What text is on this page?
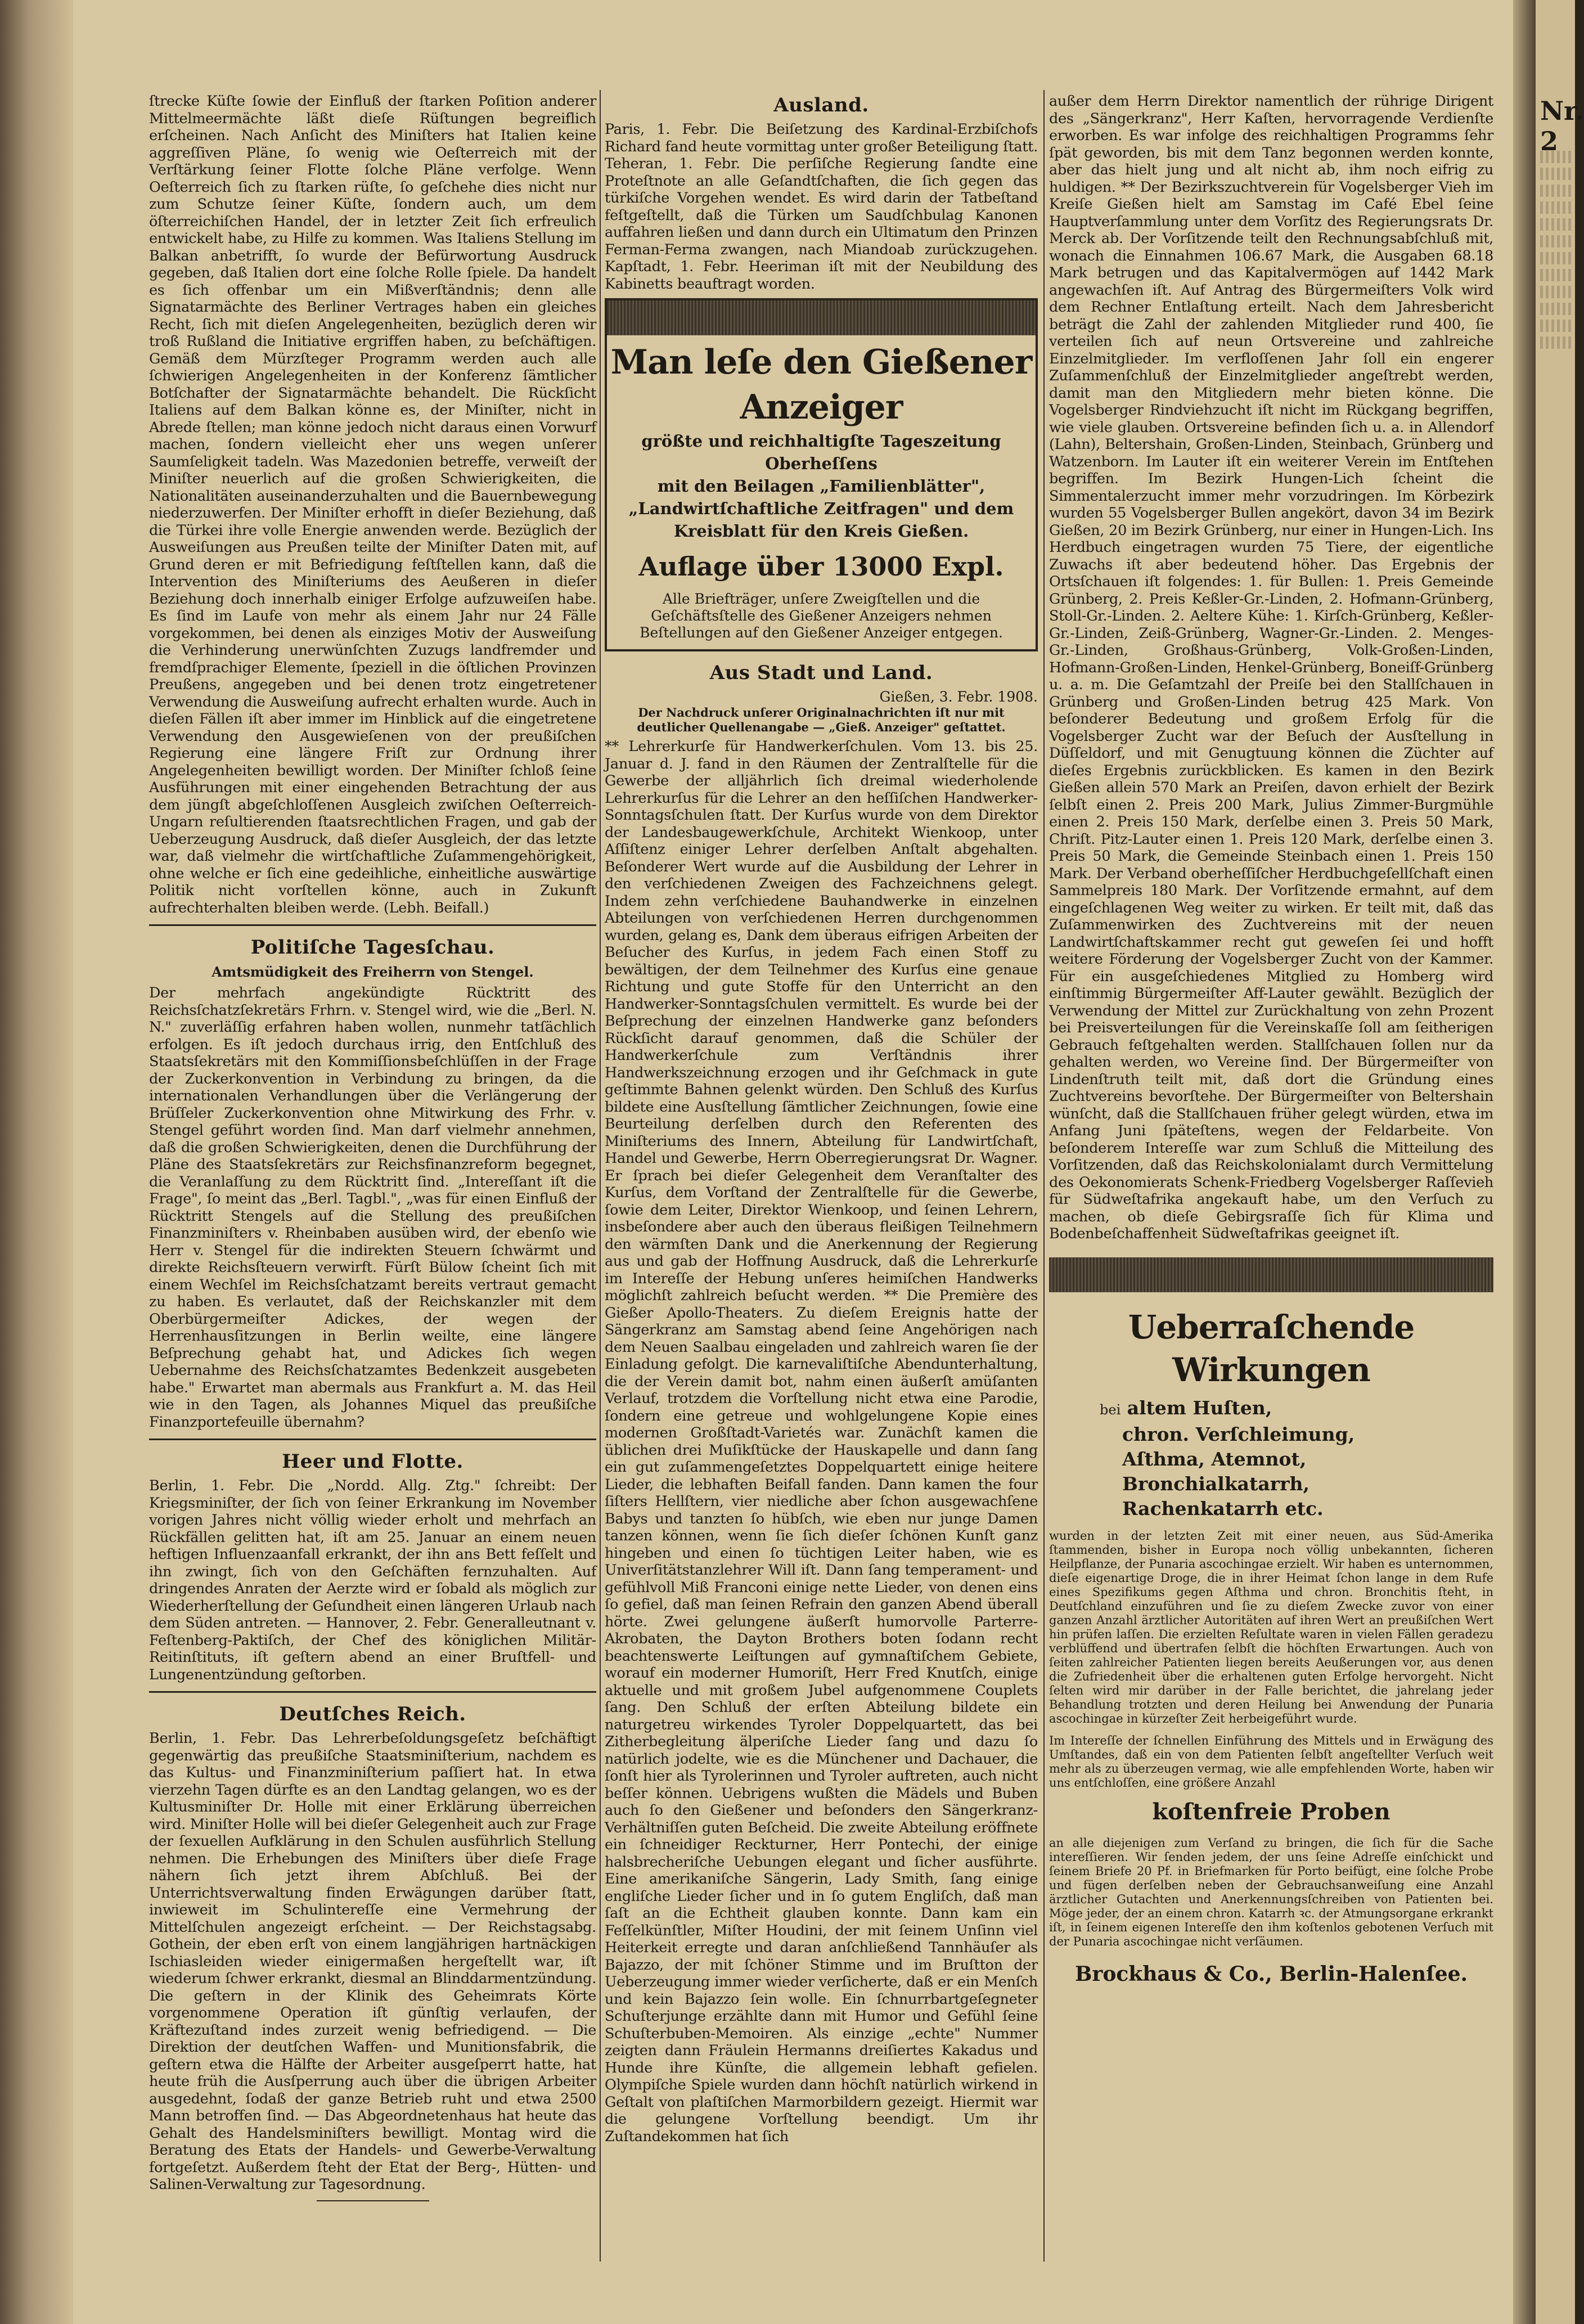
ſtrecke Küſte ſowie der Einfluß der ſtarken Poſition anderer Mittelmeermächte läßt dieſe Rüſtungen begreiflich erſcheinen. Nach Anſicht des Miniſters hat Italien keine aggreſſiven Pläne, ſo wenig wie Oeſterreich mit der Verſtärkung ſeiner Flotte ſolche Pläne verfolge. Wenn Oeſterreich ſich zu ſtarken rüſte, ſo geſchehe dies nicht nur zum Schutze ſeiner Küſte, ſondern auch, um dem öſterreichiſchen Handel, der in letzter Zeit ſich erfreulich entwickelt habe, zu Hilfe zu kommen. Was Italiens Stellung im Balkan anbetrifft, ſo wurde der Befürwortung Ausdruck gegeben, daß Italien dort eine ſolche Rolle ſpiele. Da handelt es ſich offenbar um ein Mißverſtändnis; denn alle Signatarmächte des Berliner Vertrages haben ein gleiches Recht, ſich mit dieſen Angelegenheiten, bezüglich deren wir troß Rußland die Initiative ergriffen haben, zu beſchäftigen. Gemäß dem Mürzſteger Programm werden auch alle ſchwierigen Angelegenheiten in der Konferenz ſämtlicher Botſchafter der Signatarmächte behandelt. Die Rückſicht Italiens auf dem Balkan könne es, der Miniſter, nicht in Abrede ſtellen; man könne jedoch nicht daraus einen Vorwurf machen, ſondern vielleicht eher uns wegen unſerer Saumſeligkeit tadeln. Was Mazedonien betreffe, verweiſt der Miniſter neuerlich auf die großen Schwierigkeiten, die Nationalitäten auseinanderzuhalten und die Bauernbewegung niederzuwerfen. Der Miniſter erhofft in dieſer Beziehung, daß die Türkei ihre volle Energie anwenden werde. Bezüglich der Ausweiſungen aus Preußen teilte der Miniſter Daten mit, auf Grund deren er mit Befriedigung feſtſtellen kann, daß die Intervention des Miniſteriums des Aeußeren in dieſer Beziehung doch innerhalb einiger Erfolge aufzuweiſen habe. Es ſind im Laufe von mehr als einem Jahr nur 24 Fälle vorgekommen, bei denen als einziges Motiv der Ausweiſung die Verhinderung unerwünſchten Zuzugs landfremder und fremdſprachiger Elemente, ſpeziell in die öſtlichen Provinzen Preußens, angegeben und bei denen trotz eingetretener Verwendung die Ausweiſung aufrecht erhalten wurde. Auch in dieſen Fällen iſt aber immer im Hinblick auf die eingetretene Verwendung den Ausgewieſenen von der preußiſchen Regierung eine längere Friſt zur Ordnung ihrer Angelegenheiten bewilligt worden. Der Miniſter ſchloß ſeine Ausführungen mit einer eingehenden Betrachtung der aus dem jüngſt abgeſchloſſenen Ausgleich zwiſchen Oeſterreich-Ungarn reſultierenden ſtaatsrechtlichen Fragen, und gab der Ueberzeugung Ausdruck, daß dieſer Ausgleich, der das letzte war, daß vielmehr die wirtſchaftliche Zuſammengehörigkeit, ohne welche er ſich eine gedeihliche, einheitliche auswärtige Politik nicht vorſtellen könne, auch in Zukunft aufrechterhalten bleiben werde. (Lebh. Beifall.)

Politiſche Tagesſchau.
Amtsmüdigkeit des Freiherrn von Stengel.

Der mehrfach angekündigte Rücktritt des Reichsſchatzſekretärs Frhrn. v. Stengel wird, wie die „Berl. N. N." zuverläſſig erfahren haben wollen, nunmehr tatſächlich erfolgen. Es iſt jedoch durchaus irrig, den Entſchluß des Staatsſekretärs mit den Kommiſſionsbeſchlüſſen in der Frage der Zuckerkonvention in Verbindung zu bringen, da die internationalen Verhandlungen über die Verlängerung der Brüſſeler Zuckerkonvention ohne Mitwirkung des Frhr. v. Stengel geführt worden ſind. Man darf vielmehr annehmen, daß die großen Schwierigkeiten, denen die Durchführung der Pläne des Staatsſekretärs zur Reichsfinanzreform begegnet, die Veranlaſſung zu dem Rücktritt ſind. „Intereſſant iſt die Frage", ſo meint das „Berl. Tagbl.", „was für einen Einfluß der Rücktritt Stengels auf die Stellung des preußiſchen Finanzminiſters v. Rheinbaben ausüben wird, der ebenſo wie Herr v. Stengel für die indirekten Steuern ſchwärmt und direkte Reichsſteuern verwirft. Fürſt Bülow ſcheint ſich mit einem Wechſel im Reichsſchatzamt bereits vertraut gemacht zu haben. Es verlautet, daß der Reichskanzler mit dem Oberbürgermeiſter Adickes, der wegen der Herrenhausſitzungen in Berlin weilte, eine längere Beſprechung gehabt hat, und Adickes ſich wegen Uebernahme des Reichsſchatzamtes Bedenkzeit ausgebeten habe." Erwartet man abermals aus Frankfurt a. M. das Heil wie in den Tagen, als Johannes Miquel das preußiſche Finanzportefeuille übernahm?

Heer und Flotte.

Berlin, 1. Febr. Die „Nordd. Allg. Ztg." ſchreibt: Der Kriegsminiſter, der ſich von ſeiner Erkrankung im November vorigen Jahres nicht völlig wieder erholt und mehrfach an Rückfällen gelitten hat, iſt am 25. Januar an einem neuen heftigen Influenzaanfall erkrankt, der ihn ans Bett feſſelt und ihn zwingt, ſich von den Geſchäften fernzuhalten. Auf dringendes Anraten der Aerzte wird er ſobald als möglich zur Wiederherſtellung der Geſundheit einen längeren Urlaub nach dem Süden antreten. — Hannover, 2. Febr. Generalleutnant v. Feſtenberg-Paktiſch, der Chef des königlichen Militär-Reitinſtituts, iſt geſtern abend an einer Bruſtfell- und Lungenentzündung geſtorben.

Deutſches Reich.

Berlin, 1. Febr. Das Lehrerbeſoldungsgeſetz beſchäftigt gegenwärtig das preußiſche Staatsminiſterium, nachdem es das Kultus- und Finanzminiſterium paſſiert hat. In etwa vierzehn Tagen dürfte es an den Landtag gelangen, wo es der Kultusminiſter Dr. Holle mit einer Erklärung überreichen wird. Miniſter Holle will bei dieſer Gelegenheit auch zur Frage der ſexuellen Aufklärung in den Schulen ausführlich Stellung nehmen. Die Erhebungen des Miniſters über dieſe Frage nähern ſich jetzt ihrem Abſchluß. Bei der Unterrichtsverwaltung finden Erwägungen darüber ſtatt, inwieweit im Schulintereſſe eine Vermehrung der Mittelſchulen angezeigt erſcheint. — Der Reichstagsabg. Gothein, der eben erſt von einem langjährigen hartnäckigen Ischiasleiden wieder einigermaßen hergeſtellt war, iſt wiederum ſchwer erkrankt, diesmal an Blinddarmentzündung. Die geſtern in der Klinik des Geheimrats Körte vorgenommene Operation iſt günſtig verlaufen, der Kräftezuſtand indes zurzeit wenig befriedigend. — Die Direktion der deutſchen Waffen- und Munitionsfabrik, die geſtern etwa die Hälfte der Arbeiter ausgeſperrt hatte, hat heute früh die Ausſperrung auch über die übrigen Arbeiter ausgedehnt, ſodaß der ganze Betrieb ruht und etwa 2500 Mann betroffen ſind. — Das Abgeordnetenhaus hat heute das Gehalt des Handelsminiſters bewilligt. Montag wird die Beratung des Etats der Handels- und Gewerbe-Verwaltung fortgeſetzt. Außerdem ſteht der Etat der Berg-, Hütten- und Salinen-Verwaltung zur Tagesordnung.

Ausland.

Paris, 1. Febr. Die Beiſetzung des Kardinal-Erzbiſchofs Richard fand heute vormittag unter großer Beteiligung ſtatt. Teheran, 1. Febr. Die perſiſche Regierung ſandte eine Proteſtnote an alle Geſandtſchaften, die ſich gegen das türkiſche Vorgehen wendet. Es wird darin der Tatbeſtand feſtgeſtellt, daß die Türken um Saudſchbulag Kanonen auffahren ließen und dann durch ein Ultimatum den Prinzen Ferman-Ferma zwangen, nach Miandoab zurückzugehen. Kapſtadt, 1. Febr. Heeriman iſt mit der Neubildung des Kabinetts beauftragt worden.

Man leſe den Gießener Anzeiger
größte und reichhaltigſte Tageszeitung Oberheſſens
mit den Beilagen „Familienblätter", „Landwirtſchaftliche Zeitfragen" und dem Kreisblatt für den Kreis Gießen.
Auflage über 13000 Expl.
Alle Briefträger, unſere Zweigſtellen und die Geſchäftsſtelle des Gießener Anzeigers nehmen Beſtellungen auf den Gießener Anzeiger entgegen.
Aus Stadt und Land.
Gießen, 3. Febr. 1908.
Der Nachdruck unſerer Originalnachrichten iſt nur mit deutlicher Quellenangabe — „Gieß. Anzeiger" geſtattet.

** Lehrerkurſe für Handwerkerſchulen. Vom 13. bis 25. Januar d. J. fand in den Räumen der Zentralſtelle für die Gewerbe der alljährlich ſich dreimal wiederholende Lehrerkurſus für die Lehrer an den heſſiſchen Handwerker-Sonntagsſchulen ſtatt. Der Kurſus wurde von dem Direktor der Landesbaugewerkſchule, Architekt Wienkoop, unter Aſſiſtenz einiger Lehrer derſelben Anſtalt abgehalten. Beſonderer Wert wurde auf die Ausbildung der Lehrer in den verſchiedenen Zweigen des Fachzeichnens gelegt. Indem zehn verſchiedene Bauhandwerke in einzelnen Abteilungen von verſchiedenen Herren durchgenommen wurden, gelang es, Dank dem überaus eifrigen Arbeiten der Beſucher des Kurſus, in jedem Fach einen Stoff zu bewältigen, der dem Teilnehmer des Kurſus eine genaue Richtung und gute Stoffe für den Unterricht an den Handwerker-Sonntagsſchulen vermittelt. Es wurde bei der Beſprechung der einzelnen Handwerke ganz beſonders Rückſicht darauf genommen, daß die Schüler der Handwerkerſchule zum Verſtändnis ihrer Handwerkszeichnung erzogen und ihr Geſchmack in gute geſtimmte Bahnen gelenkt würden. Den Schluß des Kurſus bildete eine Ausſtellung ſämtlicher Zeichnungen, ſowie eine Beurteilung derſelben durch den Referenten des Miniſteriums des Innern, Abteilung für Landwirtſchaft, Handel und Gewerbe, Herrn Oberregierungsrat Dr. Wagner. Er ſprach bei dieſer Gelegenheit dem Veranſtalter des Kurſus, dem Vorſtand der Zentralſtelle für die Gewerbe, ſowie dem Leiter, Direktor Wienkoop, und ſeinen Lehrern, insbeſondere aber auch den überaus fleißigen Teilnehmern den wärmſten Dank und die Anerkennung der Regierung aus und gab der Hoffnung Ausdruck, daß die Lehrerkurſe im Intereſſe der Hebung unſeres heimiſchen Handwerks möglichſt zahlreich beſucht werden. ** Die Première des Gießer Apollo-Theaters. Zu dieſem Ereignis hatte der Sängerkranz am Samstag abend ſeine Angehörigen nach dem Neuen Saalbau eingeladen und zahlreich waren ſie der Einladung gefolgt. Die karnevaliſtiſche Abendunterhaltung, die der Verein damit bot, nahm einen äußerſt amüſanten Verlauf, trotzdem die Vorſtellung nicht etwa eine Parodie, ſondern eine getreue und wohlgelungene Kopie eines modernen Großſtadt-Varietés war. Zunächſt kamen die üblichen drei Muſikſtücke der Hauskapelle und dann ſang ein gut zuſammengeſetztes Doppelquartett einige heitere Lieder, die lebhaften Beifall fanden. Dann kamen the four ſiſters Hellſtern, vier niedliche aber ſchon ausgewachſene Babys und tanzten ſo hübſch, wie eben nur junge Damen tanzen können, wenn ſie ſich dieſer ſchönen Kunſt ganz hingeben und einen ſo tüchtigen Leiter haben, wie es Univerſitätstanzlehrer Will iſt. Dann ſang temperament- und gefühlvoll Miß Franconi einige nette Lieder, von denen eins ſo gefiel, daß man ſeinen Refrain den ganzen Abend überall hörte. Zwei gelungene äußerſt humorvolle Parterre-Akrobaten, the Dayton Brothers boten ſodann recht beachtenswerte Leiſtungen auf gymnaſtiſchem Gebiete, worauf ein moderner Humoriſt, Herr Fred Knutſch, einige aktuelle und mit großem Jubel aufgenommene Couplets ſang. Den Schluß der erſten Abteilung bildete ein naturgetreu wirkendes Tyroler Doppelquartett, das bei Zitherbegleitung älperiſche Lieder ſang und dazu ſo natürlich jodelte, wie es die Münchener und Dachauer, die ſonſt hier als Tyrolerinnen und Tyroler auftreten, auch nicht beſſer können. Uebrigens wußten die Mädels und Buben auch ſo den Gießener und beſonders den Sängerkranz-Verhältniſſen guten Beſcheid. Die zweite Abteilung eröffnete ein ſchneidiger Reckturner, Herr Pontechi, der einige halsbrecheriſche Uebungen elegant und ſicher ausführte. Eine amerikaniſche Sängerin, Lady Smith, ſang einige engliſche Lieder ſicher und in ſo gutem Engliſch, daß man ſaſt an die Echtheit glauben konnte. Dann kam ein Feſſelkünſtler, Miſter Houdini, der mit ſeinem Unſinn viel Heiterkeit erregte und daran anſchließend Tannhäuſer als Bajazzo, der mit ſchöner Stimme und im Bruſtton der Ueberzeugung immer wieder verſicherte, daß er ein Menſch und kein Bajazzo ſein wolle. Ein ſchnurrbartgeſegneter Schuſterjunge erzählte dann mit Humor und Gefühl ſeine Schuſterbuben-Memoiren. Als einzige „echte" Nummer zeigten dann Fräulein Hermanns dreiſiertes Kakadus und Hunde ihre Künſte, die allgemein lebhaft gefielen. Olympiſche Spiele wurden dann höchſt natürlich wirkend in Geſtalt von plaſtiſchen Marmorbildern gezeigt. Hiermit war die gelungene Vorſtellung beendigt. Um ihr Zuſtandekommen hat ſich

außer dem Herrn Direktor namentlich der rührige Dirigent des „Sängerkranz", Herr Kaſten, hervorragende Verdienſte erworben. Es war infolge des reichhaltigen Programms ſehr ſpät geworden, bis mit dem Tanz begonnen werden konnte, aber das hielt jung und alt nicht ab, ihm noch eifrig zu huldigen. ** Der Bezirkszuchtverein für Vogelsberger Vieh im Kreiſe Gießen hielt am Samstag im Café Ebel ſeine Hauptverſammlung unter dem Vorſitz des Regierungsrats Dr. Merck ab. Der Vorſitzende teilt den Rechnungsabſchluß mit, wonach die Einnahmen 106.67 Mark, die Ausgaben 68.18 Mark betrugen und das Kapitalvermögen auf 1442 Mark angewachſen iſt. Auf Antrag des Bürgermeiſters Volk wird dem Rechner Entlaſtung erteilt. Nach dem Jahresbericht beträgt die Zahl der zahlenden Mitglieder rund 400, ſie verteilen ſich auf neun Ortsvereine und zahlreiche Einzelmitglieder. Im verfloſſenen Jahr ſoll ein engerer Zuſammenſchluß der Einzelmitglieder angeſtrebt werden, damit man den Mitgliedern mehr bieten könne. Die Vogelsberger Rindviehzucht iſt nicht im Rückgang begriffen, wie viele glauben. Ortsvereine befinden ſich u. a. in Allendorf (Lahn), Beltershain, Großen-Linden, Steinbach, Grünberg und Watzenborn. Im Lauter iſt ein weiterer Verein im Entſtehen begriffen. Im Bezirk Hungen-Lich ſcheint die Simmentalerzucht immer mehr vorzudringen. Im Körbezirk wurden 55 Vogelsberger Bullen angekört, davon 34 im Bezirk Gießen, 20 im Bezirk Grünberg, nur einer in Hungen-Lich. Ins Herdbuch eingetragen wurden 75 Tiere, der eigentliche Zuwachs iſt aber bedeutend höher. Das Ergebnis der Ortsſchauen iſt folgendes: 1. für Bullen: 1. Preis Gemeinde Grünberg, 2. Preis Keßler-Gr.-Linden, 2. Hofmann-Grünberg, Stoll-Gr.-Linden. 2. Aeltere Kühe: 1. Kirſch-Grünberg, Keßler-Gr.-Linden, Zeiß-Grünberg, Wagner-Gr.-Linden. 2. Menges-Gr.-Linden, Großhaus-Grünberg, Volk-Großen-Linden, Hofmann-Großen-Linden, Henkel-Grünberg, Boneiſf-Grünberg u. a. m. Die Geſamtzahl der Preiſe bei den Stallſchauen in Grünberg und Großen-Linden betrug 425 Mark. Von beſonderer Bedeutung und großem Erfolg für die Vogelsberger Zucht war der Beſuch der Ausſtellung in Düſſeldorf, und mit Genugtuung können die Züchter auf dieſes Ergebnis zurückblicken. Es kamen in den Bezirk Gießen allein 570 Mark an Preiſen, davon erhielt der Bezirk ſelbſt einen 2. Preis 200 Mark, Julius Zimmer-Burgmühle einen 2. Preis 150 Mark, derſelbe einen 3. Preis 50 Mark, Chriſt. Pitz-Lauter einen 1. Preis 120 Mark, derſelbe einen 3. Preis 50 Mark, die Gemeinde Steinbach einen 1. Preis 150 Mark. Der Verband oberheſſiſcher Herdbuchgeſellſchaft einen Sammelpreis 180 Mark. Der Vorſitzende ermahnt, auf dem eingeſchlagenen Weg weiter zu wirken. Er teilt mit, daß das Zuſammenwirken des Zuchtvereins mit der neuen Landwirtſchaftskammer recht gut geweſen ſei und hofft weitere Förderung der Vogelsberger Zucht von der Kammer. Für ein ausgeſchiedenes Mitglied zu Homberg wird einſtimmig Bürgermeiſter Aff-Lauter gewählt. Bezüglich der Verwendung der Mittel zur Zurückhaltung von zehn Prozent bei Preisverteilungen für die Vereinskaſſe ſoll am ſeitherigen Gebrauch feſtgehalten werden. Stallſchauen ſollen nur da gehalten werden, wo Vereine ſind. Der Bürgermeiſter von Lindenſtruth teilt mit, daß dort die Gründung eines Zuchtvereins bevorſtehe. Der Bürgermeiſter von Beltershain wünſcht, daß die Stallſchauen früher gelegt würden, etwa im Anfang Juni ſpäteſtens, wegen der Feldarbeite. Von beſonderem Intereſſe war zum Schluß die Mitteilung des Vorſitzenden, daß das Reichskolonialamt durch Vermittelung des Oekonomierats Schenk-Friedberg Vogelsberger Raſſevieh für Südweſtafrika angekauft habe, um den Verſuch zu machen, ob dieſe Gebirgsraſſe ſich für Klima und Bodenbeſchaffenheit Südweſtafrikas geeignet iſt.

Ueberraſchende Wirkungen
bei altem Huſten,
chron. Verſchleimung,
Aſthma, Atemnot,
Bronchialkatarrh,
Rachenkatarrh etc.
wurden in der letzten Zeit mit einer neuen, aus Süd-Amerika ſtammenden, bisher in Europa noch völlig unbekannten, ſicheren Heilpflanze, der Punaria ascochingae erzielt. Wir haben es unternommen, dieſe eigenartige Droge, die in ihrer Heimat ſchon lange in dem Rufe eines Spezifikums gegen Aſthma und chron. Bronchitis ſteht, in Deutſchland einzuführen und ſie zu dieſem Zwecke zuvor von einer ganzen Anzahl ärztlicher Autoritäten auf ihren Wert an preußiſchen Wert hin prüfen laſſen. Die erzielten Reſultate waren in vielen Fällen geradezu verblüffend und übertrafen ſelbſt die höchſten Erwartungen. Auch von ſeiten zahlreicher Patienten liegen bereits Aeußerungen vor, aus denen die Zufriedenheit über die erhaltenen guten Erfolge hervorgeht. Nicht ſelten wird mir darüber in der Falle berichtet, die jahrelang jeder Behandlung trotzten und deren Heilung bei Anwendung der Punaria ascochingae in kürzeſter Zeit herbeigeführt wurde.
Im Intereſſe der ſchnellen Einführung des Mittels und in Erwägung des Umſtandes, daß ein von dem Patienten ſelbſt angeſtellter Verſuch weit mehr als zu überzeugen vermag, wie alle empfehlenden Worte, haben wir uns entſchloſſen, eine größere Anzahl
koſtenfreie Proben
an alle diejenigen zum Verſand zu bringen, die ſich für die Sache intereſſieren. Wir ſenden jedem, der uns ſeine Adreſſe einſchickt und ſeinem Briefe 20 Pf. in Briefmarken für Porto beifügt, eine ſolche Probe und fügen derſelben neben der Gebrauchsanweiſung eine Anzahl ärztlicher Gutachten und Anerkennungsſchreiben von Patienten bei. Möge jeder, der an einem chron. Katarrh ꝛc. der Atmungsorgane erkrankt iſt, in ſeinem eigenen Intereſſe den ihm koſtenlos gebotenen Verſuch mit der Punaria ascochingae nicht verſäumen.
Brockhaus & Co., Berlin-Halenſee.
Nr. 2
